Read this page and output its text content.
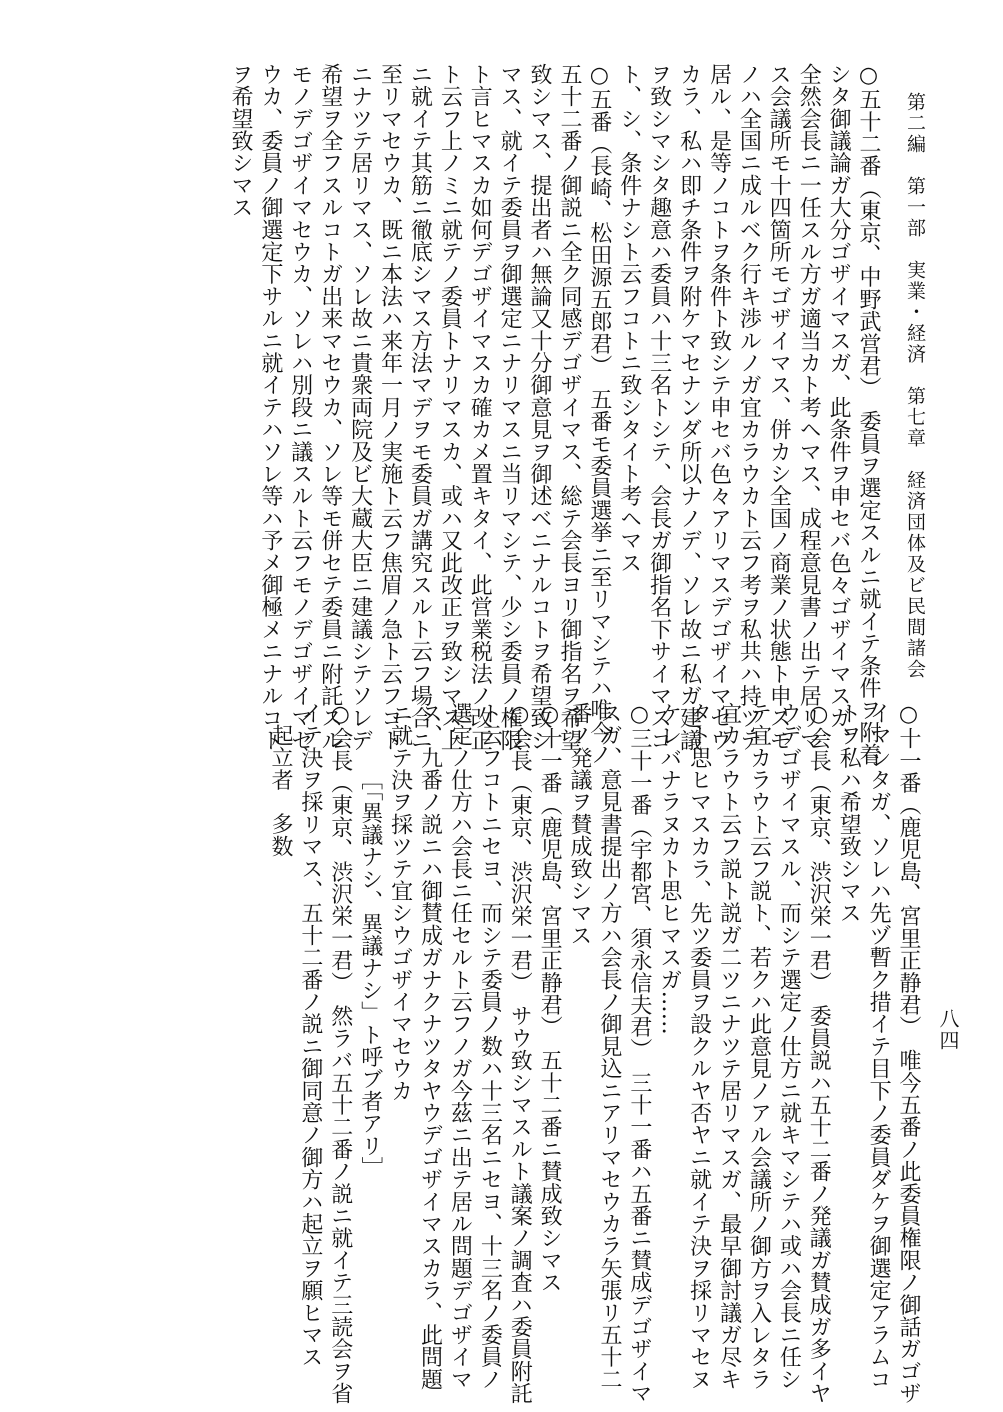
第二編　第一部　実業・経済　第七章　経済団体及ビ民間諸会
八四
○五十二番（東京、中野武営君）　委員ヲ選定スルニ就イテ条件ヲ附着
シタ御議論ガ大分ゴザイマスガ、此条件ヲ申セバ色々ゴザイマスガ、
全然会長ニ一任スル方ガ適当カト考ヘマス、成程意見書ノ出テ居リマ
ス会議所モ十四箇所モゴザイマス、併カシ全国ノ商業ノ状態ト申スモ
ノハ全国ニ成ルベク行キ渉ルノガ宜カラウカト云フ考ヲ私共ハ持ツテ
居ル、是等ノコトヲ条件ト致シテ申セバ色々アリマスデゴザイマセウ
カラ、私ハ即チ条件ヲ附ケマセナンダ所以ナノデ、ソレ故ニ私ガ建議
ヲ致シマシタ趣意ハ委員ハ十三名トシテ、会長ガ御指名下サイマスコ
ト、シ、条件ナシト云フコトニ致シタイト考ヘマス
○五番（長崎、松田源五郎君）　五番モ委員選挙ニ至リマシテハ唯今ノ
五十二番ノ御説ニ全ク同感デゴザイマス、総テ会長ヨリ御指名ヲ希望
致シマス、提出者ハ無論又十分御意見ヲ御述ベニナルコトヲ希望致シ
マス、就イテ委員ヲ御選定ニナリマスニ当リマシテ、少シ委員ノ権限
ト言ヒマスカ如何デゴザイマスカ確カメ置キタイ、此営業税法ノ改正
ト云フ上ノミニ就テノ委員トナリマスカ、或ハ又此改正ヲ致シマス上
ニ就イテ其筋ニ徹底シマス方法マデヲモ委員ガ講究スルト云フ場合ニ
至リマセウカ、既ニ本法ハ来年一月ノ実施ト云フ焦眉ノ急ト云フコト
ニナツテ居リマス、ソレ故ニ貴衆両院及ビ大蔵大臣ニ建議シテソレデ
希望ヲ全フスルコトガ出来マセウカ、ソレ等モ併セテ委員ニ附託スル
モノデゴザイマセウカ、ソレハ別段ニ議スルト云フモノデゴザイマセ
ウカ、委員ノ御選定下サルニ就イテハソレ等ハ予メ御極メニナルコト
ヲ希望致シマス
○十一番（鹿児島、宮里正静君）　唯今五番ノ此委員権限ノ御話ガゴザ
イマシタガ、ソレハ先ヅ暫ク措イテ目下ノ委員ダケヲ御選定アラムコ
トヲ私ハ希望致シマス
○会長（東京、渋沢栄一君）　委員説ハ五十二番ノ発議ガ賛成ガ多イヤ
ウデゴザイマスル、而シテ選定ノ仕方ニ就キマシテハ或ハ会長ニ任シ
テ宜カラウト云フ説ト、若クハ此意見ノアル会議所ノ御方ヲ入レタラ
宜カラウト云フ説ト説ガ二ツニナツテ居リマスガ、最早御討議ガ尽キ
タト思ヒマスカラ、先ツ委員ヲ設クルヤ否ヤニ就イテ決ヲ採リマセヌ
ケレバナラヌカト思ヒマスガ……
○三十一番（宇都宮、須永信夫君）　三十一番ハ五番ニ賛成デゴザイマ
スガ、意見書提出ノ方ハ会長ノ御見込ニアリマセウカラ矢張リ五十二
番ノ発議ヲ賛成致シマス
○十一番（鹿児島、宮里正静君）　五十二番ニ賛成致シマス
○会長（東京、渋沢栄一君）　サウ致シマスルト議案ノ調査ハ委員附託
ト云フコトニセヨ、而シテ委員ノ数ハ十三名ニセヨ、十三名ノ委員ノ
選定ノ仕方ハ会長ニ任セルト云フノガ今茲ニ出テ居ル問題デゴザイマ
ス、九番ノ説ニハ御賛成ガナクナツタヤウデゴザイマスカラ、此問題
ニ就テ決ヲ採ツテ宜シウゴザイマセウカ
［「異議ナシ、異議ナシ」ト呼ブ者アリ］
○会長（東京、渋沢栄一君）　然ラバ五十二番ノ説ニ就イテ三読会ヲ省
イテ決ヲ採リマス、五十二番ノ説ニ御同意ノ御方ハ起立ヲ願ヒマス
起立者　多数
